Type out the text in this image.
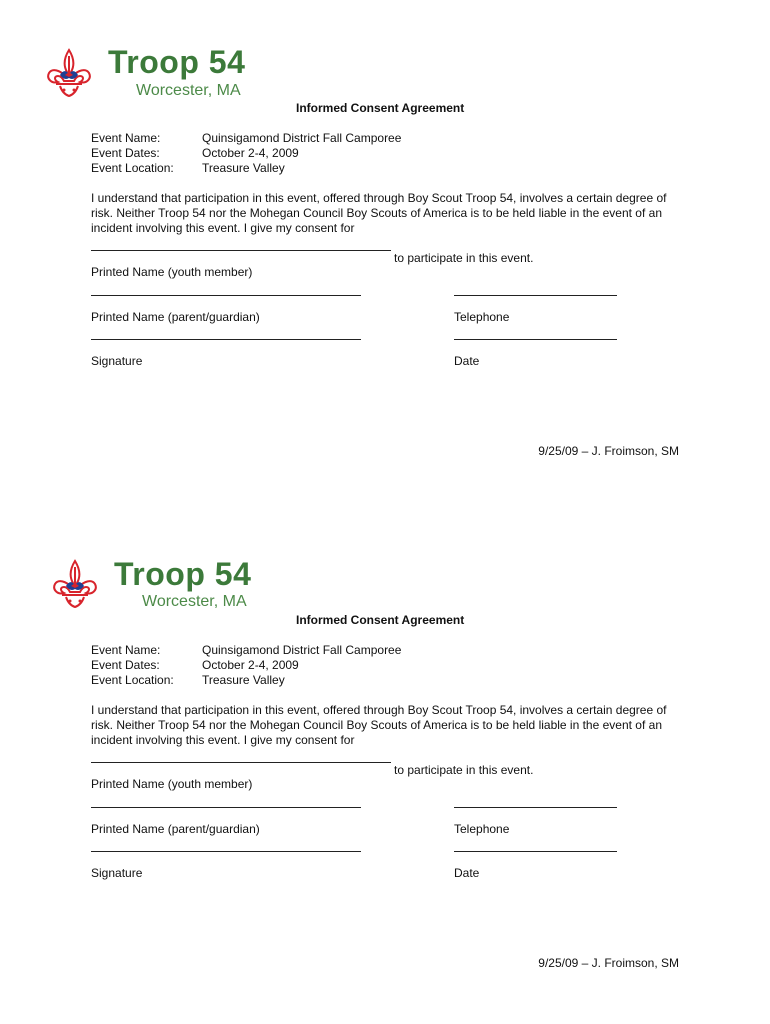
Troop 54
Worcester, MA
Informed Consent Agreement
Event Name:	Quinsigamond District Fall Camporee
Event Dates:	October 2-4, 2009
Event Location: Treasure Valley
I understand that participation in this event, offered through Boy Scout Troop 54, involves a certain degree of risk. Neither Troop 54 nor the Mohegan Council Boy Scouts of America is to be held liable in the event of an incident involving this event. I give my consent for
to participate in this event.
Printed Name (youth member)
Printed Name (parent/guardian)	Telephone
Signature	Date
9/25/09 – J. Froimson, SM
Troop 54
Worcester, MA
Informed Consent Agreement
Event Name:	Quinsigamond District Fall Camporee
Event Dates:	October 2-4, 2009
Event Location: Treasure Valley
I understand that participation in this event, offered through Boy Scout Troop 54, involves a certain degree of risk. Neither Troop 54 nor the Mohegan Council Boy Scouts of America is to be held liable in the event of an incident involving this event. I give my consent for
to participate in this event.
Printed Name (youth member)
Printed Name (parent/guardian)	Telephone
Signature	Date
9/25/09 – J. Froimson, SM
